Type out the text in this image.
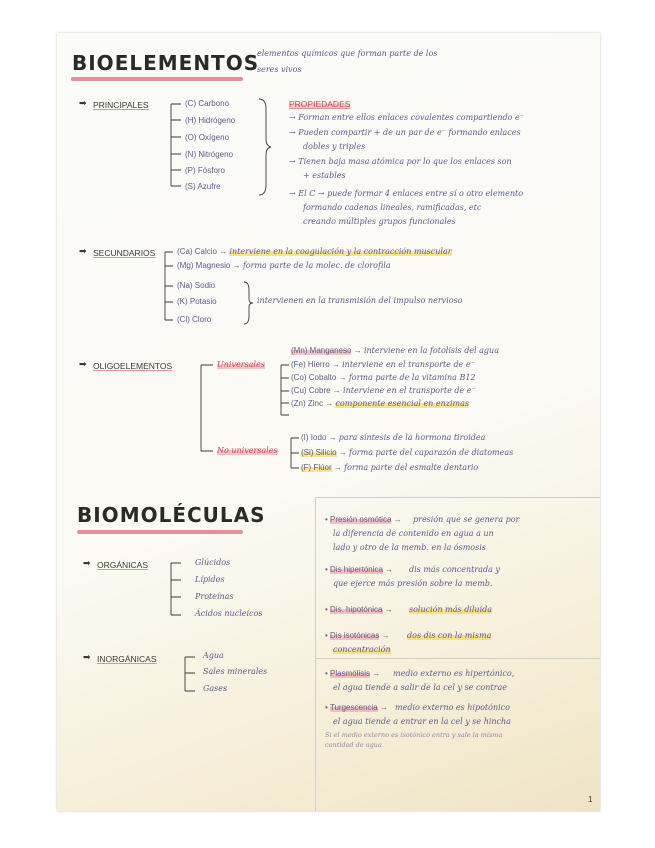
BIOELEMENTOS
elementos químicos que forman parte de los
seres vivos
➡ PRINCIPALES	(C) Carbono
(H) Hidrógeno
(O) Oxígeno
(N) Nitrógeno
(P) Fósforo
(S) Azufre
PROPIEDADES
→ Forman entre ellos enlaces covalentes compartiendo e⁻
→ Pueden compartir + de un par de e⁻ formando enlaces
dobles y triples
→ Tienen baja masa atómica por lo que los enlaces son
+ estables
→ El C → puede formar 4 enlaces entre sí o otro elemento
formando cadenas lineales, ramificadas, etc
creando múltiples grupos funcionales
➡ SECUNDARIOS	(Ca) Calcio → interviene en la coagulación y la contracción muscular
(Mg) Magnesio → forma parte de la molec. de clorofila
(Na) Sodio
(K) Potasio
(Cl) Cloro
intervienen en la transmisión del impulso nervioso
➡ OLIGOELEMENTOS	Universales
(Mn) Manganeso → interviene en la fotolisis del agua
(Fe) Hierro → interviene en el transporte de e⁻
(Co) Cobalto → forma parte de la vitamina B12
(Cu) Cobre → interviene en el transporte de e⁻
(Zn) Zinc → componente esencial en enzimas
No universales
(I) Iodo → para síntesis de la hormona tiroidea
(Si) Silicio → forma parte del caparazón de diatomeas
(F) Flúor → forma parte del esmalte dentario
BIOMOLÉCULAS
➡ ORGÁNICAS	Glúcidos
Lípidos
Proteínas
Ácidos nucleicos
➡ INORGÁNICAS	Agua
Sales minerales
Gases
• Presión osmótica → presión que se genera por
la diferencia de contenido en agua a un
lado y otro de la memb. en la ósmosis
• Dis hipertónica → dis más concentrada y
que ejerce más presión sobre la memb.
• Dis. hipotónica → solución más diluida
• Dis isotónicas → dos dis con la misma
concentración
• Plasmólisis → medio externo es hipertónico,
el agua tiende a salir de la cel y se contrae
• Turgescencia → medio externo es hipotónico
el agua tiende a entrar en la cel y se hincha
Si el medio externo es isotónico entra y sale la misma
cantidad de agua
1
